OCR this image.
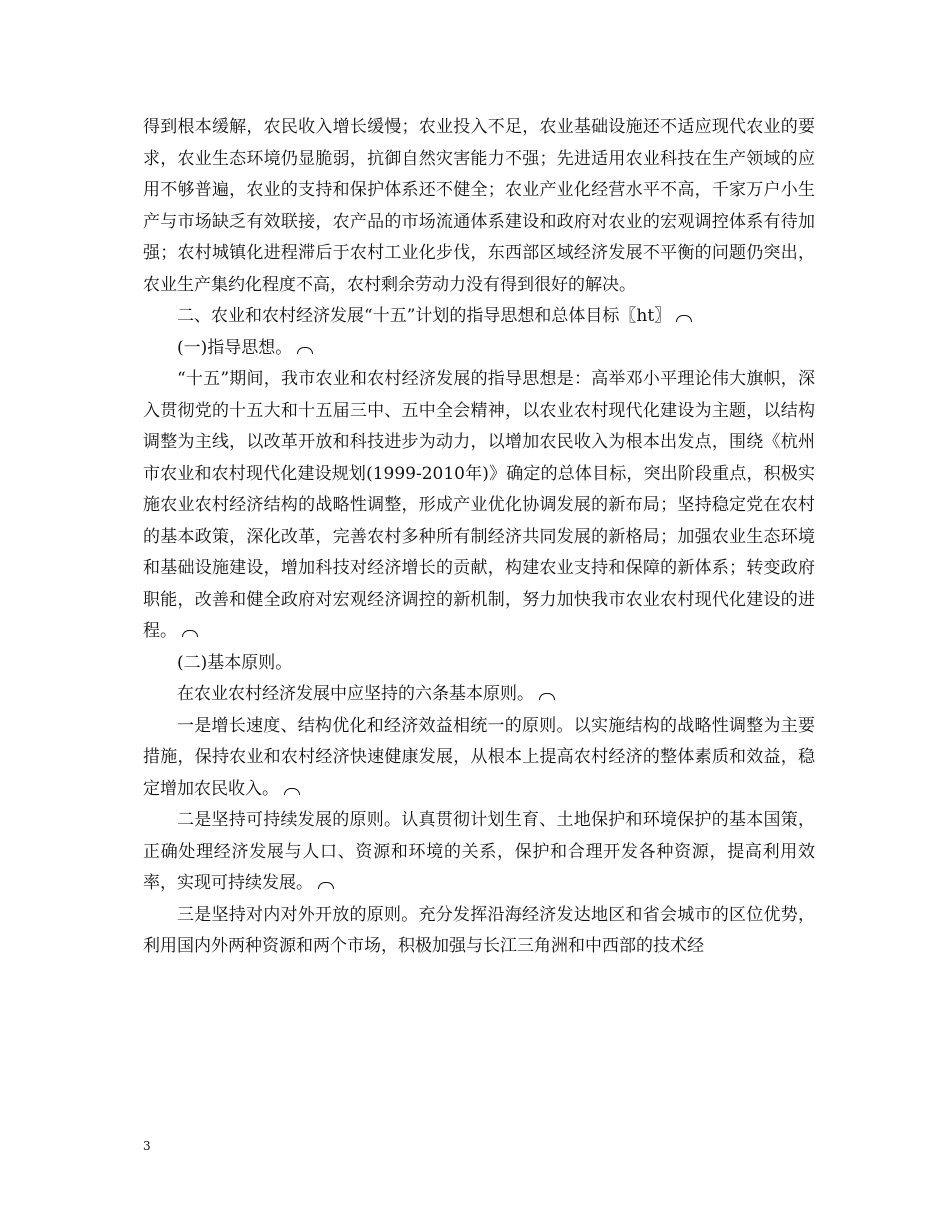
得到根本缓解，农民收入增长缓慢；农业投入不足，农业基础设施还不适应现代农业的要求，农业生态环境仍显脆弱，抗御自然灾害能力不强；先进适用农业科技在生产领域的应用不够普遍，农业的支持和保护体系还不健全；农业产业化经营水平不高，千家万户小生产与市场缺乏有效联接，农产品的市场流通体系建设和政府对农业的宏观调控体系有待加强；农村城镇化进程滞后于农村工业化步伐，东西部区域经济发展不平衡的问题仍突出，农业生产集约化程度不高，农村剩余劳动力没有得到很好的解决。

二、农业和农村经济发展“十五”计划的指导思想和总体目标〖ht〗

(一)指导思想。

“十五”期间，我市农业和农村经济发展的指导思想是：高举邓小平理论伟大旗帜，深入贯彻党的十五大和十五届三中、五中全会精神，以农业农村现代化建设为主题，以结构调整为主线，以改革开放和科技进步为动力，以增加农民收入为根本出发点，围绕《杭州市农业和农村现代化建设规划(1999-2010年)》确定的总体目标，突出阶段重点，积极实施农业农村经济结构的战略性调整，形成产业优化协调发展的新布局；坚持稳定党在农村的基本政策，深化改革，完善农村多种所有制经济共同发展的新格局；加强农业生态环境和基础设施建设，增加科技对经济增长的贡献，构建农业支持和保障的新体系；转变政府职能，改善和健全政府对宏观经济调控的新机制，努力加快我市农业农村现代化建设的进程。

(二)基本原则。

在农业农村经济发展中应坚持的六条基本原则。

一是增长速度、结构优化和经济效益相统一的原则。以实施结构的战略性调整为主要措施，保持农业和农村经济快速健康发展，从根本上提高农村经济的整体素质和效益，稳定增加农民收入。

二是坚持可持续发展的原则。认真贯彻计划生育、土地保护和环境保护的基本国策，正确处理经济发展与人口、资源和环境的关系，保护和合理开发各种资源，提高利用效率，实现可持续发展。

三是坚持对内对外开放的原则。充分发挥沿海经济发达地区和省会城市的区位优势，利用国内外两种资源和两个市场，积极加强与长江三角洲和中西部的技术经

3
